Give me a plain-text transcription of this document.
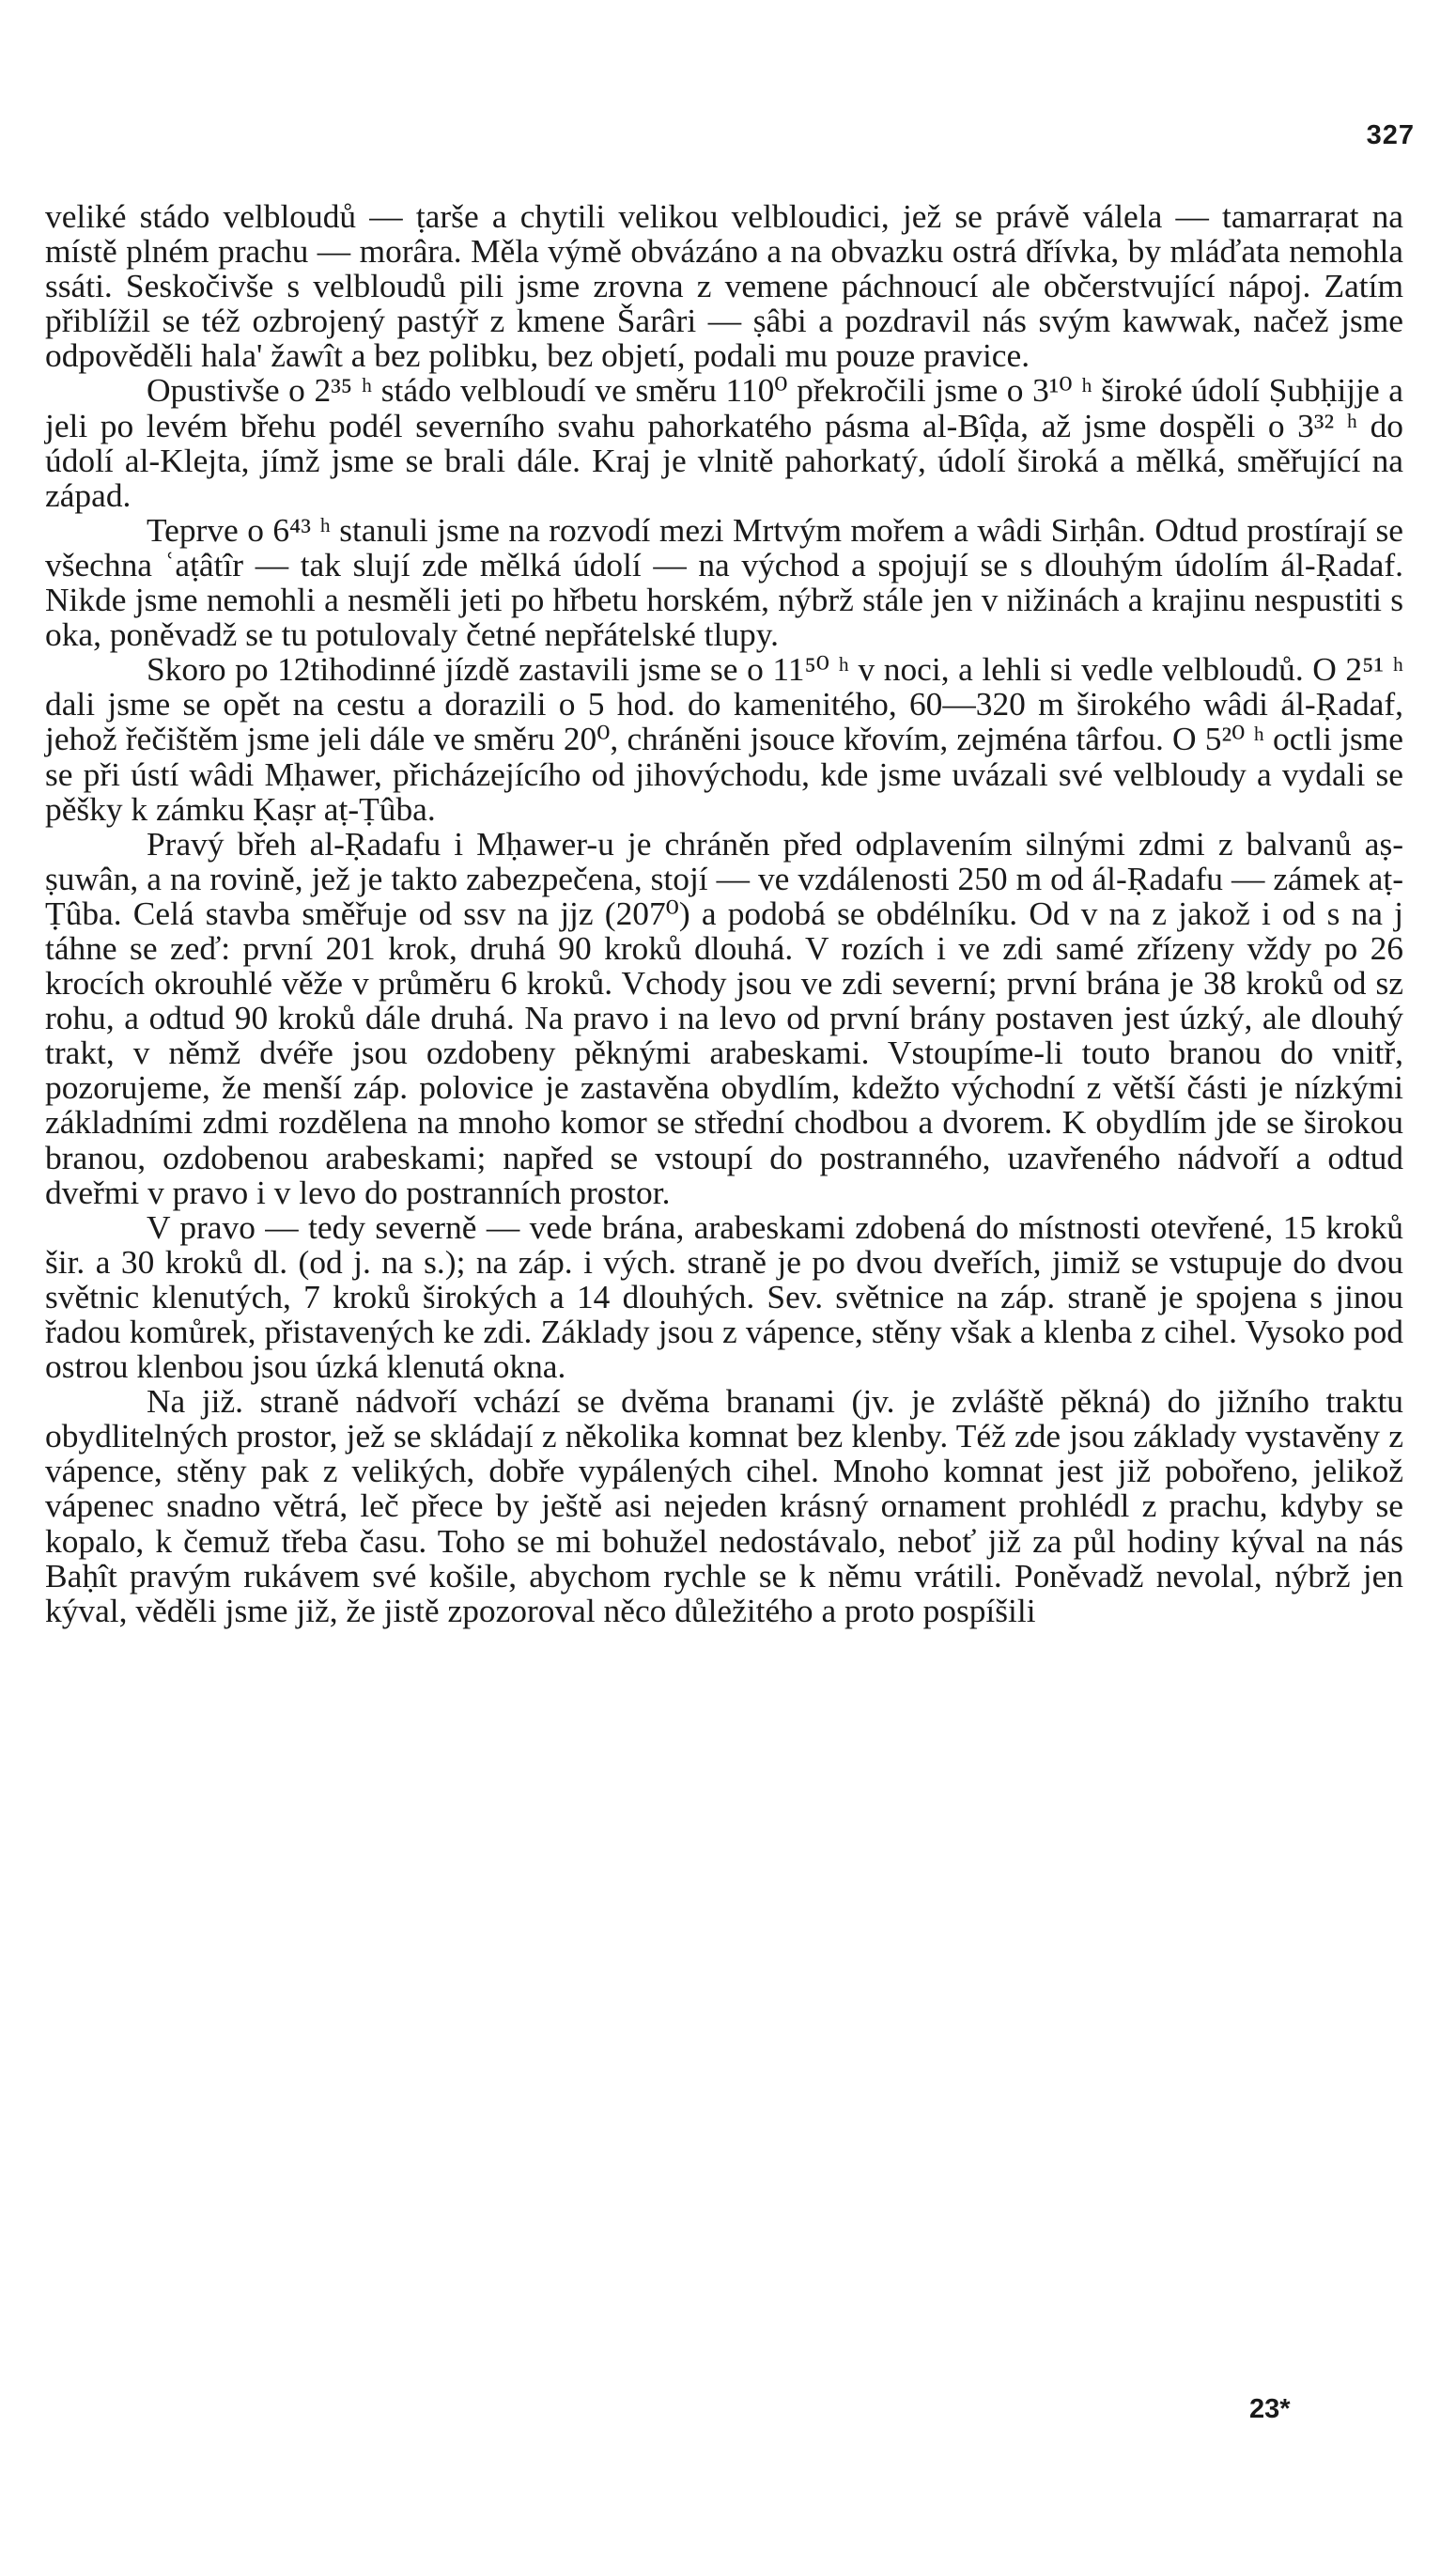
327

veliké stádo velbloudů — ṭarše a chytili velikou velbloudici, jež se právě válela — tamarraṛat na místě plném prachu — morâra. Měla výmě obvázáno a na obvazku ostrá dřívka, by mláďata nemohla ssáti. Seskočivše s velbloudů pili jsme zrovna z vemene páchnoucí ale občerstvující nápoj. Zatím přiblížil se též ozbrojený pastýř z kmene Šarâri — ṣâbi a pozdravil nás svým kawwak, načež jsme odpověděli hala' žawît a bez polibku, bez objetí, podali mu pouze pravice.

Opustivše o 2³⁵ ʰ stádo velbloudí ve směru 110⁰ překročili jsme o 3¹⁰ ʰ široké údolí Ṣubḥijje a jeli po levém břehu podél severního svahu pahorkatého pásma al-Bîḍa, až jsme dospěli o 3³² ʰ do údolí al-Klejta, jímž jsme se brali dále. Kraj je vlnitě pahorkatý, údolí široká a mělká, směřující na západ.

Teprve o 6⁴³ ʰ stanuli jsme na rozvodí mezi Mrtvým mořem a wâdi Sirḥân. Odtud prostírají se všechna ʿaṭâtîr — tak slují zde mělká údolí — na východ a spojují se s dlouhým údolím ál-Ṛadaf. Nikde jsme nemohli a nesměli jeti po hřbetu horském, nýbrž stále jen v nižinách a krajinu nespustiti s oka, poněvadž se tu potulovaly četné nepřátelské tlupy.

Skoro po 12tihodinné jízdě zastavili jsme se o 11⁵⁰ ʰ v noci, a lehli si vedle velbloudů. O 2⁵¹ ʰ dali jsme se opět na cestu a dorazili o 5 hod. do kamenitého, 60—320 m širokého wâdi ál-Ṛadaf, jehož řečištěm jsme jeli dále ve směru 20⁰, chráněni jsouce křovím, zejména târfou. O 5²⁰ ʰ octli jsme se při ústí wâdi Mḥawer, přicházejícího od jihovýchodu, kde jsme uvázali své velbloudy a vydali se pěšky k zámku Ḳaṣr aṭ-Ṭûba.

Pravý břeh al-Ṛadafu i Mḥawer-u je chráněn před odplavením silnými zdmi z balvanů aṣ-ṣuwân, a na rovině, jež je takto zabezpečena, stojí — ve vzdálenosti 250 m od ál-Ṛadafu — zámek aṭ-Ṭûba. Celá stavba směřuje od ssv na jjz (207⁰) a podobá se obdélníku. Od v na z jakož i od s na j táhne se zeď: první 201 krok, druhá 90 kroků dlouhá. V rozích i ve zdi samé zřízeny vždy po 26 krocích okrouhlé věže v průměru 6 kroků. Vchody jsou ve zdi severní; první brána je 38 kroků od sz rohu, a odtud 90 kroků dále druhá. Na pravo i na levo od první brány postaven jest úzký, ale dlouhý trakt, v němž dvéře jsou ozdobeny pěknými arabeskami. Vstoupíme-li touto branou do vnitř, pozorujeme, že menší záp. polovice je zastavěna obydlím, kdežto východní z větší části je nízkými základními zdmi rozdělena na mnoho komor se střední chodbou a dvorem. K obydlím jde se širokou branou, ozdobenou arabeskami; napřed se vstoupí do postranného, uzavřeného nádvoří a odtud dveřmi v pravo i v levo do postranních prostor.

V pravo — tedy severně — vede brána, arabeskami zdobená do místnosti otevřené, 15 kroků šir. a 30 kroků dl. (od j. na s.); na záp. i vých. straně je po dvou dveřích, jimiž se vstupuje do dvou světnic klenutých, 7 kroků širokých a 14 dlouhých. Sev. světnice na záp. straně je spojena s jinou řadou komůrek, přistavených ke zdi. Základy jsou z vápence, stěny však a klenba z cihel. Vysoko pod ostrou klenbou jsou úzká klenutá okna.

Na již. straně nádvoří vchází se dvěma branami (jv. je zvláště pěkná) do jižního traktu obydlitelných prostor, jež se skládají z několika komnat bez klenby. Též zde jsou základy vystavěny z vápence, stěny pak z velikých, dobře vypálených cihel. Mnoho komnat jest již pobořeno, jelikož vápenec snadno větrá, leč přece by ještě asi nejeden krásný ornament prohlédl z prachu, kdyby se kopalo, k čemuž třeba času. Toho se mi bohužel nedostávalo, neboť již za půl hodiny kýval na nás Baḥît pravým rukávem své košile, abychom rychle se k němu vrátili. Poněvadž nevolal, nýbrž jen kýval, věděli jsme již, že jistě zpozoroval něco důležitého a proto pospíšili

23*
